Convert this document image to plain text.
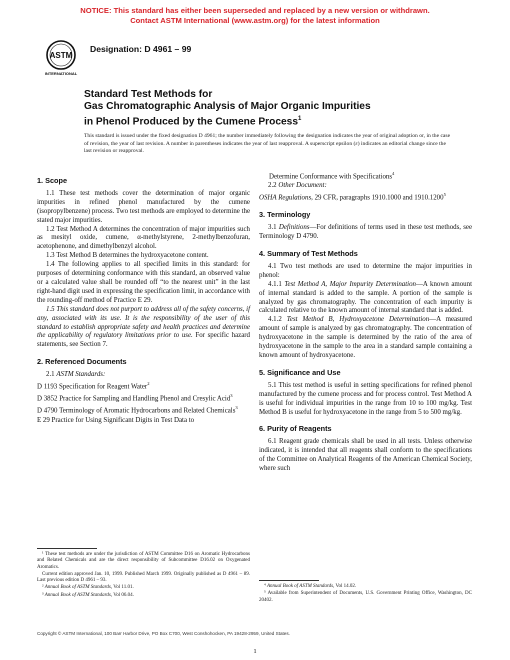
NOTICE: This standard has either been superseded and replaced by a new version or withdrawn.
Contact ASTM International (www.astm.org) for the latest information
ASTM
INTERNATIONAL
Designation: D 4961 – 99
Standard Test Methods for
Gas Chromatographic Analysis of Major Organic Impurities
in Phenol Produced by the Cumene Process$^1$
This standard is issued under the fixed designation D 4961; the number immediately following the designation indicates the year of original adoption or, in the case of revision, the year of last revision. A number in parentheses indicates the year of last reapproval. A superscript epsilon (ε) indicates an editorial change since the last revision or reapproval.
1. Scope

1.1 These test methods cover the determination of major organic impurities in refined phenol manufactured by the cumene (isopropylbenzene) process. Two test methods are employed to determine the stated major impurities.

1.2 Test Method A determines the concentration of major impurities such as mesityl oxide, cumene, α-methylstyrene, 2-methylbenzofuran, acetophenone, and dimethylbenzyl alcohol.

1.3 Test Method B determines the hydroxyacetone content.

1.4 The following applies to all specified limits in this standard: for purposes of determining conformance with this standard, an observed value or a calculated value shall be rounded off “to the nearest unit” in the last right-hand digit used in expressing the specification limit, in accordance with the rounding-off method of Practice E 29.

1.5 This standard does not purport to address all of the safety concerns, if any, associated with its use. It is the responsibility of the user of this standard to establish appropriate safety and health practices and determine the applicability of regulatory limitations prior to use. For specific hazard statements, see Section 7.

2. Referenced Documents

2.1 ASTM Standards:

D 1193 Specification for Reagent Water$^2$

D 3852 Practice for Sampling and Handling Phenol and Cresylic Acid$^3$

D 4790 Terminology of Aromatic Hydrocarbons and Related Chemicals$^3$

E 29 Practice for Using Significant Digits in Test Data to

Determine Conformance with Specifications$^4$

2.2 Other Document:

OSHA Regulations, 29 CFR, paragraphs 1910.1000 and 1910.1200$^5$

3. Terminology

3.1 Definitions—For definitions of terms used in these test methods, see Terminology D 4790.

4. Summary of Test Methods

4.1 Two test methods are used to determine the major impurities in phenol:

4.1.1 Test Method A, Major Impurity Determination—A known amount of internal standard is added to the sample. A portion of the sample is analyzed by gas chromatography. The concentration of each impurity is calculated relative to the known amount of internal standard that is added.

4.1.2 Test Method B, Hydroxyacetone Determination—A measured amount of sample is analyzed by gas chromatography. The concentration of hydroxyacetone in the sample is determined by the ratio of the area of hydroxyacetone in the sample to the area in a standard sample containing a known amount of hydroxyacetone.

5. Significance and Use

5.1 This test method is useful in setting specifications for refined phenol manufactured by the cumene process and for process control. Test Method A is useful for individual impurities in the range from 10 to 100 mg/kg. Test Method B is useful for hydroxyacetone in the range from 5 to 500 mg/kg.

6. Purity of Reagents

6.1 Reagent grade chemicals shall be used in all tests. Unless otherwise indicated, it is intended that all reagents shall conform to the specifications of the Committee on Analytical Reagents of the American Chemical Society, where such

¹ These test methods are under the jurisdiction of ASTM Committee D16 on Aromatic Hydrocarbons and Related Chemicals and are the direct responsibility of Subcommittee D16.02 on Oxygenated Aromatics.

Current edition approved Jan. 10, 1999. Published March 1999. Originally published as D 4961 – 89. Last previous edition D 4961 – 93.

² Annual Book of ASTM Standards, Vol 11.01.

³ Annual Book of ASTM Standards, Vol 06.04.

⁴ Annual Book of ASTM Standards, Vol 14.02.

⁵ Available from Superintendent of Documents, U.S. Government Printing Office, Washington, DC 20402.

Copyright © ASTM International, 100 Barr Harbor Drive, PO Box C700, West Conshohocken, PA 19428-2959, United States.
1
